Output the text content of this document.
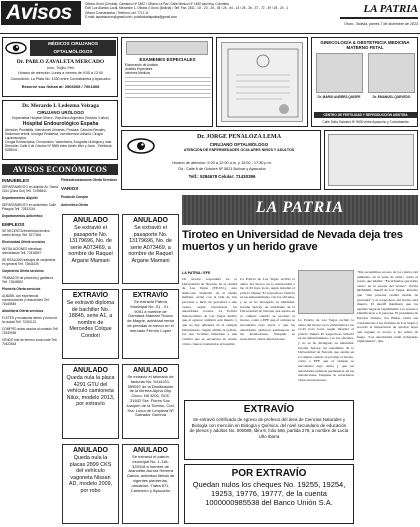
Avisos	Oficina Oruro (Central): Camacho Nº 1892 • Oficina La Paz: Calle Mexico Nº 1450 casi esq. Colombia
Edif. Los Alamos Local, Mezanine 1, Oficina 4 Oruro (Bolivia) • Telf. Fax: 2511 - 02 - 23 - 26 - 35 / 26 - 54 - 14 / 25 - 26 - 37 - 72 - 39 / 25 - 24 - 1
Oficina Cochabamba • Telefono: cel: 7712 11
E-mail: lapatriaoruro@gmail.com • publicidadlapatria@gmail.com
LA PATRIA
Oruro - Bolivia, jueves 7 de diciembre de 2023
MÉDICOS CIRUJANOS OFTALMÓLOGOS
Dr. PABLO ZAVALETA MERCADO
Lima - Trujillo, Perú
Horario de atención: Lunes a viernes de 9:00 a 12:00
Consultorio: La Plata No. 1330 entre Cochabamba y Ayacucho
Reserve sus fichas al: 2506065 / 7001808
Dr. Merardo I. Ledezma Veizaga
CIRUJANO URÓLOGO
Especialista Hospital Obrero - República Argentina (Servicio 3 años)
Hospital Endourológico Espaha
Atención: Prostatitis, Infecciones Urinarias, Próstata, Cálculos Renales,
Disfunción eréctil, Urología Pediátrica, Incontinencia Urinaria, Cirugía Laparoscópica,
Cirugía Endoscópica, Circuncisión, Vasectomía, Ecografía Urológica y más.
Dirección: Calle 6 de Octubre Nº 5665 entre Adolfo Mier y Junín - Teléfonos: 5258041
EXAMENES ESPECIALES
Elaboración de Análisis
Análisis Especiales
Informes Médicos
GINECOLOGÍA & OBSTETRICIA MEDICINA MATERNO FETAL
Dr. MARIO ANDRES QUISPE	Dr. EMANUEL QUEVEDO
CENTRO DE FERTILIDAD Y REPRODUCCIÓN ASISTIDA
Calle Soria Galvarro Nº 5630 entre Ayacucho y Cochabamba
Dr. JORGE PEÑALOZA LEMA
CIRUJANO OFTALMÓLOGO
ATENCIÓN DE ENFERMEDADES OCULARES NIÑOS Y ADULTOS
Horario de atención: 9:00 a 12:00 a.m. y 15:00 - 17:30 p.m.
Dir.: Calle 6 de Octubre Nº 5621 Bolívar y Ayacucho
Telf.: 5284678 Celular: 71430396
AVISOS ECONÓMICOS
INMUEBLES
DEPARTAMENTO en alquiler Av. Tacna 1154 (Zona Sur) Telf. 72498541
Departamentos Alquiler
DEPARTAMENTO en anticrético Calle Pisagua Telf. 72813244
Departamentos Anticrético
EMPLEOS
SE NECESITA electricista técnico medio tiempo Telf. 5277466
Electricidad Oferta servicios
INSTALACIONES eléctricas domiciliarias Telf. 72418847
SE REALIZAN trabajos de carpintería en general Telf. 73844226
Carpintería Oferta servicios
TRABAJOS de plomería y gasfitería Telf. 71845652
Plomería Oferta servicios
ALBAÑIL con experiencia construcciones y refacciones Telf. 76165545
Albañilería Oferta servicios
FLETES y mudanzas dentro y fuera de la ciudad Telf. 72491121
COMPRO autos usados al contado Telf. 71839935
VENDO lote de terreno zona norte Telf. 70423518
Fletes/decoraciones Oferta Servicios
VARIOS
Producto Compra
Anticrético Oferta
ANULADO
Se extravió el pasaporte No. 13179696, No. de serie A073469, a nombre de Raquel Argane Mamani
EXTRAVÍO
Se extravió diploma de bachiller No. 18845, serie A1, a nombre de Mercedes Colque Condori
ANULADO
Queda nula la placa 4291 GTU del vehículo camioneta Nilux, modelo 2013, por extravío
ANULADO
Queda nula la placas 2899 CKS del vehículo vagoneta Nissan AD, modelo 2009, por robo
ANULADO
Se extravió el pasaporte No. 13179696, No. de serie A073469, a nombre de Raquel Argane Mamani
EXTRAVÍO
Se extravió Patrón Municipal No. 01 - 01 - 9051 a nombre de Damiana Mamani Ticona de Magne, actividad venta de prendas al menor en el mercado Fermín López
ANULADO
Se extravió el talonario de facturas No. 5414201, 559557 de la Dosificación de la librería Alpha Ghp Cinco, Nit 3200, SOC 31602 Sra. Flores Soc. Joaquín de la Tomino, Cod. Sra. Lucía de Limpieza Nº Salvador Gumma
ANULADO
Se extravió el patrón municipal No. 1-118-325318 a nombre de Jeannette Aurora Herrera García, actividad tienda de vigentes piedrerías, ubicación: Tiatra 871, Caroberro y Ayacucho
LA PATRIA
Tiroteo en Universidad de Nevada deja tres muertos y un herido grave
LA PATRIA / EFE
Un tirador sorprendió en la Universidad de Nevada, en la ciudad de Las Vegas (EE.UU.), este miércoles alrededor de la media mañana, acabó con la vida de tres personas e hirió de gravedad a una cuarta, según informaron las autoridades locales. La Policía metropolitana de Las Vegas detalló que el agresor también está muerto y que no hay amenaza en el campus universitario. Según afirmó la policía, los tres víctimas fallecidas y una víctima que se encuentra en estado crítico, fueron trasladados al hospital.
La Policía de Las Vegas recibió la alerta del tiroteo en la universidad a las 11:45 hora local, según informó el policía Tanner. El sospechoso falleció en un enfrentamiento con los oficiales, y no se ha divulgado su identidad. Jerome Spivey, un estudiante de la Universidad de Nevada que estaba en el campus cuando se produjo el tiroteo, contó a EFE que el campus se encontraba bajo alerta y que las autoridades pidieron permanecer en las instalaciones. Después se escucharon varias detonaciones.
"Me escondimos en uno de los cuartos del gimnasio, en la parte de atrás", contó el joven, que añadió: "Escuchamos que había varios en la escena del tiroteo". Kevin McMahill, sheriff de Las Vegas, informó que "una persona resultó herida de gravedad" y el sospechoso del tiroteo está muerto. El sheriff manifestó que los agentes llegaron rápidamente a la escena e identificaron a la persona. El presidente de Estados Unidos, Joe Biden, envió sus condolencias a las víctimas en Las Vegas y recordó la importancia de aprobar leyes que regulen el acceso a las armas de fuego. "Las autoridades están trabajando rápidamente", dijo.
La Policía de Las Vegas recibió la alerta del tiroteo en la universidad a las 11:45 hora local, según informó el policía Tanner. El sospechoso falleció en un enfrentamiento con los oficiales, y no se ha divulgado su identidad. Jerome Spivey, un estudiante de la Universidad de Nevada que estaba en el campus cuando se produjo el tiroteo, contó a EFE que el campus se encontraba bajo alerta y que las autoridades pidieron permanecer en las instalaciones. Después se escucharon varias detonaciones.
EXTRAVÍO
Se extravió certificado de egreso de profesor del área de Ciencias Naturales y Biología con mención en Biología y Química, del nivel secundario de educación de plenos y adultos No. 000089, libro 6, folio 556, partida 278, a nombre de Lucía Uño Ibarra
POR EXTRAVÍO
Quedan nulos los cheques No. 19255, 19254, 19253, 19776, 19777, de la cuenta 1000000985538 del Banco Unión S.A.
